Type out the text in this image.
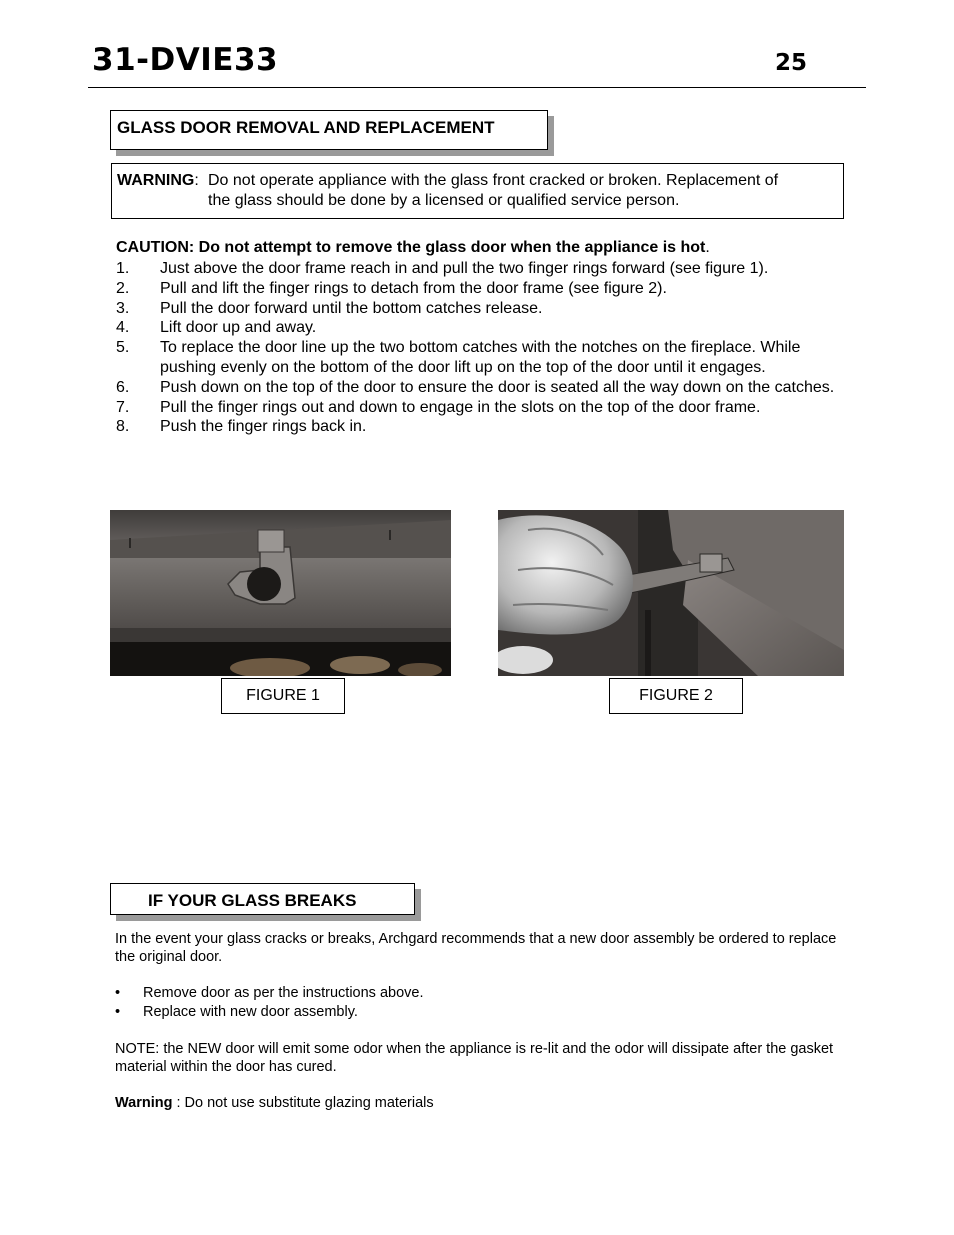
31-DVIE33	25
GLASS DOOR REMOVAL AND REPLACEMENT
WARNING: Do not operate appliance with the glass front cracked or broken. Replacement of
the glass should be done by a licensed or qualified service person.
CAUTION: Do not attempt to remove the glass door when the appliance is hot.
1. Just above the door frame reach in and pull the two finger rings forward (see figure 1).
2. Pull and lift the finger rings to detach from the door frame (see figure 2).
3. Pull the door forward until the bottom catches release.
4. Lift door up and away.
5. To replace the door line up the two bottom catches with the notches on the fireplace. While pushing evenly on the bottom of the door lift up on the top of the door until it engages.
6. Push down on the top of the door to ensure the door is seated all the way down on the catches.
7. Pull the finger rings out and down to engage in the slots on the top of the door frame.
8. Push the finger rings back in.
FIGURE 1	FIGURE 2
IF YOUR GLASS BREAKS
In the event your glass cracks or breaks, Archgard recommends that a new door assembly be ordered to replace the original door.
• Remove door as per the instructions above.
• Replace with new door assembly.
NOTE: the NEW door will emit some odor when the appliance is re-lit and the odor will dissipate after the gasket material within the door has cured.
Warning : Do not use substitute glazing materials
